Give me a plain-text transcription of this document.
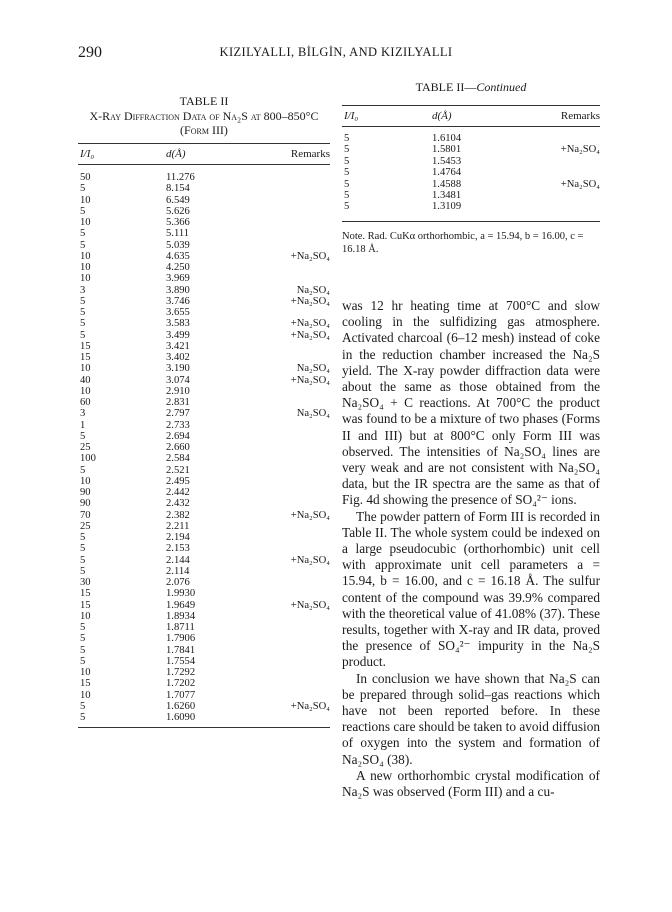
290	KIZILYALLI, BİLGİN, AND KIZILYALLI
TABLE II
X-Ray Diffraction Data of Na₂S at 800–850°C
(Form III)
I/I₀	d(Å)	Remarks
50	11.276
5	8.154
10	6.549
5	5.626
10	5.366
5	5.111
5	5.039
10	4.635	+Na₂SO₄
10	4.250
10	3.969
3	3.890	Na₂SO₄
5	3.746	+Na₂SO₄
5	3.655
5	3.583	+Na₂SO₄
5	3.499	+Na₂SO₄
15	3.421
15	3.402
10	3.190	Na₂SO₄
40	3.074	+Na₂SO₄
10	2.910
60	2.831
3	2.797	Na₂SO₄
1	2.733
5	2.694
25	2.660
100	2.584
5	2.521
10	2.495
90	2.442
90	2.432
70	2.382	+Na₂SO₄
25	2.211
5	2.194
5	2.153
5	2.144	+Na₂SO₄
5	2.114
30	2.076
15	1.9930
15	1.9649	+Na₂SO₄
10	1.8934
5	1.8711
5	1.7906
5	1.7841
5	1.7554
10	1.7292
15	1.7202
10	1.7077
5	1.6260	+Na₂SO₄
5	1.6090
TABLE II—Continued
I/I₀	d(Å)	Remarks
5	1.6104
5	1.5801	+Na₂SO₄
5	1.5453
5	1.4764
5	1.4588	+Na₂SO₄
5	1.3481
5	1.3109
Note. Rad. CuKα orthorhombic, a = 15.94, b = 16.00, c = 16.18 Å.

was 12 hr heating time at 700°C and slow cooling in the sulfidizing gas atmosphere. Activated charcoal (6–12 mesh) instead of coke in the reduction chamber increased the Na₂S yield. The X-ray powder diffraction data were about the same as those obtained from the Na₂SO₄ + C reactions. At 700°C the product was found to be a mixture of two phases (Forms II and III) but at 800°C only Form III was observed. The intensities of Na₂SO₄ lines are very weak and are not consistent with Na₂SO₄ data, but the IR spectra are the same as that of Fig. 4d showing the presence of SO₄²⁻ ions.

The powder pattern of Form III is recorded in Table II. The whole system could be indexed on a large pseudocubic (orthorhombic) unit cell with approximate unit cell parameters a = 15.94, b = 16.00, and c = 16.18 Å. The sulfur content of the compound was 39.9% compared with the theoretical value of 41.08% (37). These results, together with X-ray and IR data, proved the presence of SO₄²⁻ impurity in the Na₂S product.

In conclusion we have shown that Na₂S can be prepared through solid–gas reactions which have not been reported before. In these reactions care should be taken to avoid diffusion of oxygen into the system and formation of Na₂SO₄ (38).

A new orthorhombic crystal modification of Na₂S was observed (Form III) and a cu-
